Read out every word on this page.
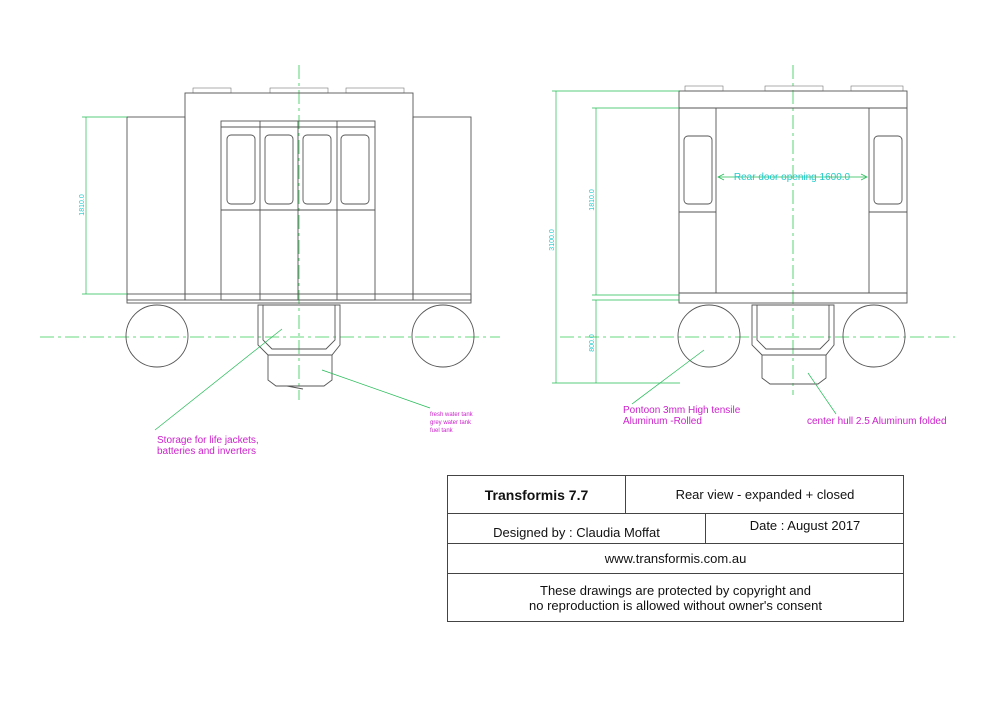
1810.0
Rear door opening 1600.0
3100.0
1810.0
800.0
Storage for life jackets,
batteries and inverters
fresh water tank
grey water tank
fuel tank
Pontoon 3mm High tensile
Aluminum -Rolled	center hull 2.5 Aluminum folded
Transformis 7.7	Rear view - expanded + closed
Designed by : Claudia Moffat	Date : August 2017
www.transformis.com.au
These drawings are protected by copyright and
no reproduction is allowed without owner's consent
